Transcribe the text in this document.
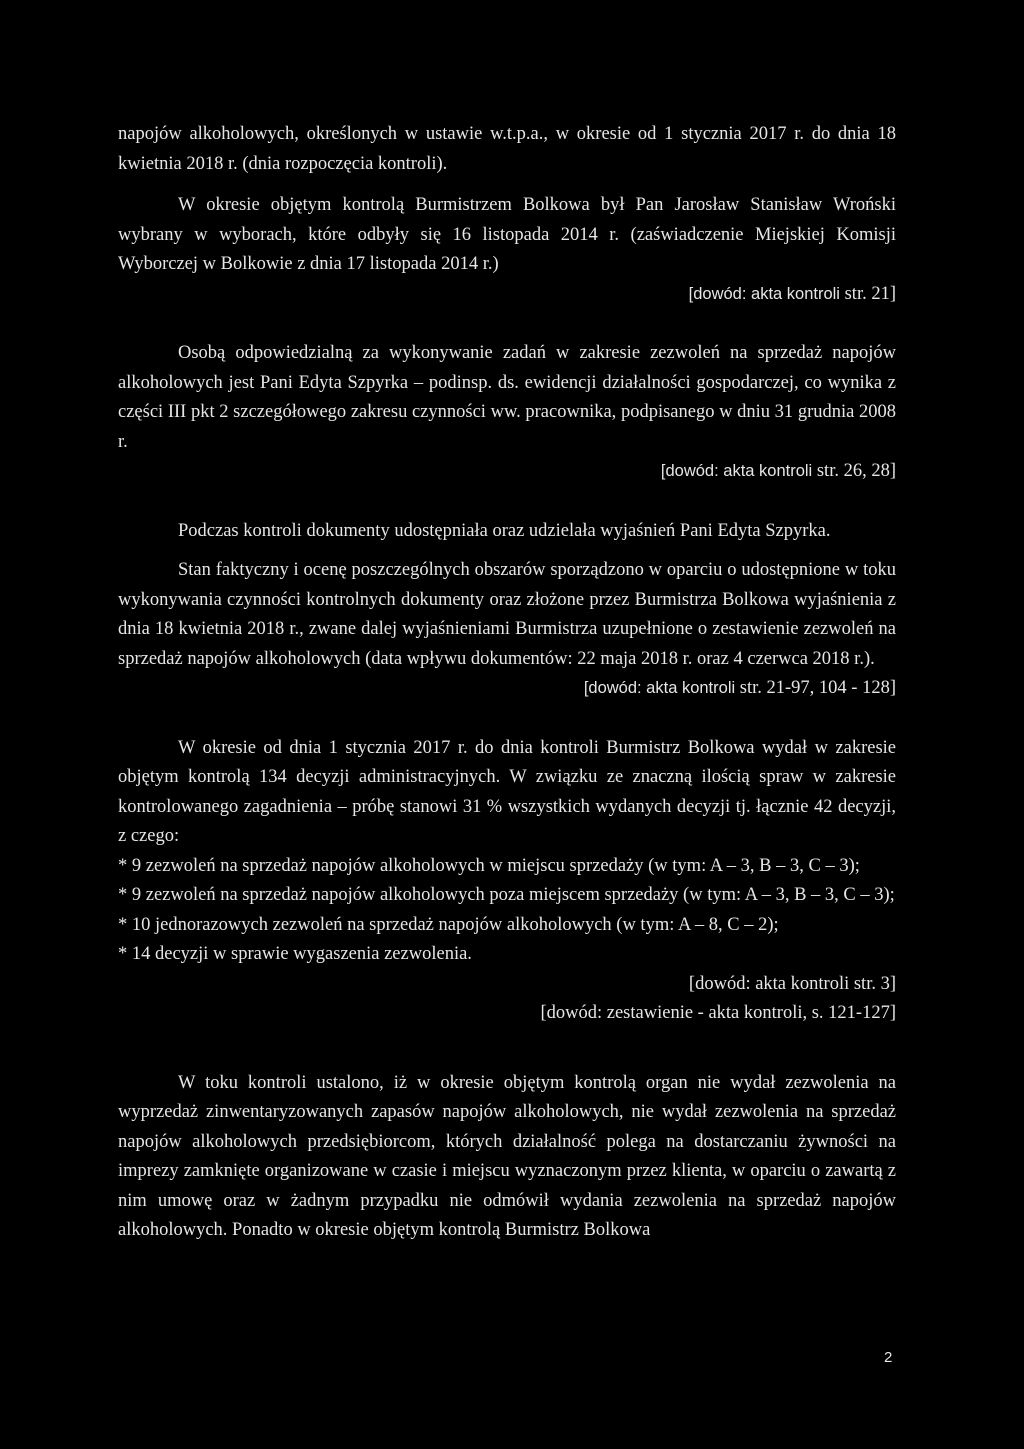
napojów alkoholowych, określonych w ustawie w.t.p.a., w okresie od 1 stycznia 2017 r. do dnia 18 kwietnia 2018 r. (dnia rozpoczęcia kontroli).

W okresie objętym kontrolą Burmistrzem Bolkowa był Pan Jarosław Stanisław Wroński wybrany w wyborach, które odbyły się 16 listopada 2014 r. (zaświadczenie Miejskiej Komisji Wyborczej w Bolkowie z dnia 17 listopada 2014 r.)

[dowód: akta kontroli str. 21]

Osobą odpowiedzialną za wykonywanie zadań w zakresie zezwoleń na sprzedaż napojów alkoholowych jest Pani Edyta Szpyrka – podinsp. ds. ewidencji działalności gospodarczej, co wynika z części III pkt 2 szczegółowego zakresu czynności ww. pracownika, podpisanego w dniu 31 grudnia 2008 r.

[dowód: akta kontroli str. 26, 28]

Podczas kontroli dokumenty udostępniała oraz udzielała wyjaśnień Pani Edyta Szpyrka.

Stan faktyczny i ocenę poszczególnych obszarów sporządzono w oparciu o udostępnione w toku wykonywania czynności kontrolnych dokumenty oraz złożone przez Burmistrza Bolkowa wyjaśnienia z dnia 18 kwietnia 2018 r., zwane dalej wyjaśnieniami Burmistrza uzupełnione o zestawienie zezwoleń na sprzedaż napojów alkoholowych (data wpływu dokumentów: 22 maja 2018 r. oraz 4 czerwca 2018 r.).

[dowód: akta kontroli str. 21-97, 104 - 128]

W okresie od dnia 1 stycznia 2017 r. do dnia kontroli Burmistrz Bolkowa wydał w zakresie objętym kontrolą 134 decyzji administracyjnych. W związku ze znaczną ilością spraw w zakresie kontrolowanego zagadnienia – próbę stanowi 31 % wszystkich wydanych decyzji tj. łącznie 42 decyzji, z czego:

* 9 zezwoleń na sprzedaż napojów alkoholowych w miejscu sprzedaży (w tym: A – 3, B – 3, C – 3);
* 9 zezwoleń na sprzedaż napojów alkoholowych poza miejscem sprzedaży (w tym: A – 3, B – 3, C – 3);
* 10 jednorazowych zezwoleń na sprzedaż napojów alkoholowych (w tym: A – 8, C – 2);
* 14 decyzji w sprawie wygaszenia zezwolenia.

[dowód: akta kontroli str. 3]

[dowód: zestawienie - akta kontroli, s. 121-127]

W toku kontroli ustalono, iż w okresie objętym kontrolą organ nie wydał zezwolenia na wyprzedaż zinwentaryzowanych zapasów napojów alkoholowych, nie wydał zezwolenia na sprzedaż napojów alkoholowych przedsiębiorcom, których działalność polega na dostarczaniu żywności na imprezy zamknięte organizowane w czasie i miejscu wyznaczonym przez klienta, w oparciu o zawartą z nim umowę oraz w żadnym przypadku nie odmówił wydania zezwolenia na sprzedaż napojów alkoholowych. Ponadto w okresie objętym kontrolą Burmistrz Bolkowa

2
